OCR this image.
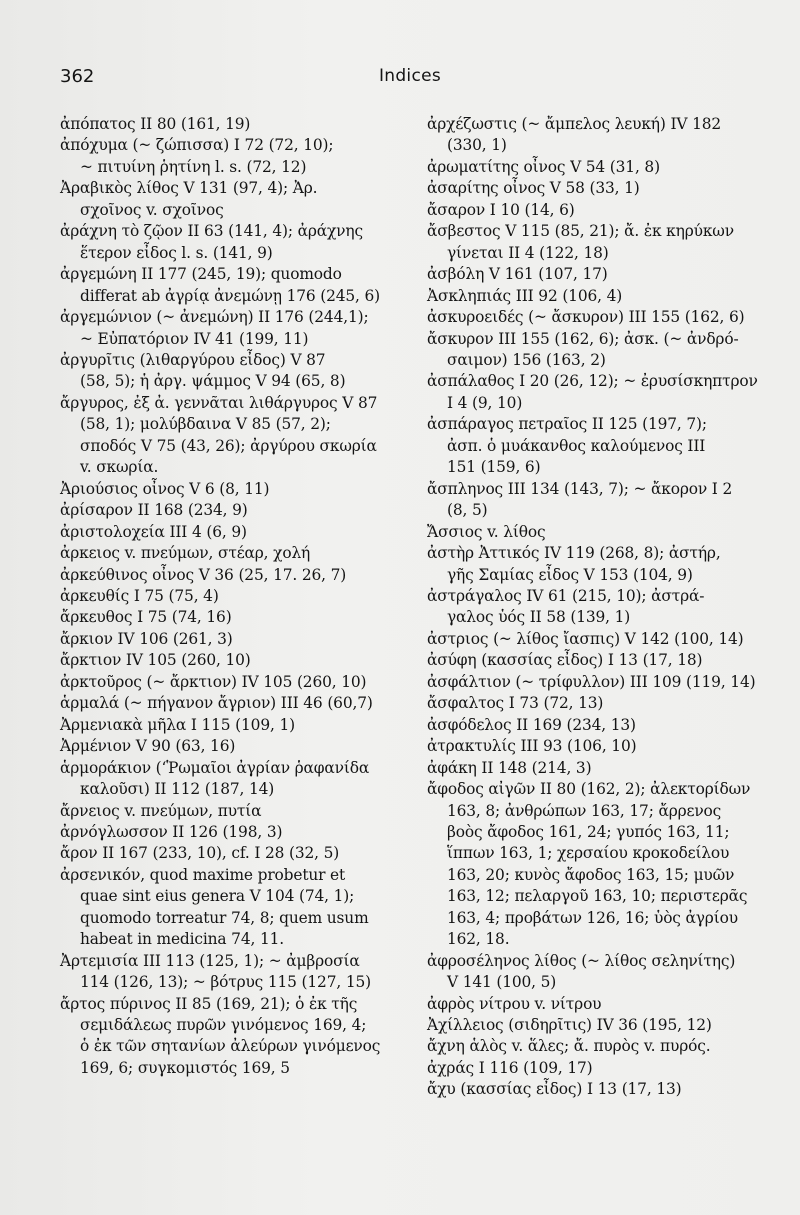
362	Indices
ἀπόπατος II 80 (161, 19)
ἀπόχυμα (~ ζώπισσα) I 72 (72, 10);
~ πιτυίνη ῥητίνη l. s. (72, 12)
Ἀραβικὸς λίθος V 131 (97, 4); Ἀρ.
σχοῖνος v. σχοῖνος
ἀράχνη τὸ ζῷον II 63 (141, 4); ἀράχνης
ἕτερον εἶδος l. s. (141, 9)
ἀργεμώνη II 177 (245, 19); quomodo
differat ab ἀγρίᾳ ἀνεμώνῃ 176 (245, 6)
ἀργεμώνιον (~ ἀνεμώνη) II 176 (244,1);
~ Εὐπατόριον IV 41 (199, 11)
ἀργυρῖτις (λιθαργύρου εἶδος) V 87
(58, 5); ἡ ἀργ. ψάμμος V 94 (65, 8)
ἄργυρος, ἐξ ἀ. γεννᾶται λιθάργυρος V 87
(58, 1); μολύβδαινα V 85 (57, 2);
σποδός V 75 (43, 26); ἀργύρου σκωρία
v. σκωρία.
Ἀριούσιος οἶνος V 6 (8, 11)
ἀρίσαρον II 168 (234, 9)
ἀριστολοχεία III 4 (6, 9)
ἀρκειος v. πνεύμων, στέαρ, χολή
ἀρκεύθινος οἶνος V 36 (25, 17. 26, 7)
ἀρκευθίς I 75 (75, 4)
ἄρκευθος I 75 (74, 16)
ἄρκιον IV 106 (261, 3)
ἄρκτιον IV 105 (260, 10)
ἀρκτοῦρος (~ ἄρκτιον) IV 105 (260, 10)
ἁρμαλά (~ πήγανον ἄγριον) III 46 (60,7)
Ἀρμενιακὰ μῆλα I 115 (109, 1)
Ἀρμένιον V 90 (63, 16)
ἁρμοράκιον (‘Ῥωμαῖοι ἀγρίαν ῥαφανίδα
καλοῦσι) II 112 (187, 14)
ἄρνειος v. πνεύμων, πυτία
ἀρνόγλωσσον II 126 (198, 3)
ἄρον II 167 (233, 10), cf. I 28 (32, 5)
ἀρσενικόν, quod maxime probetur et
quae sint eius genera V 104 (74, 1);
quomodo torreatur 74, 8; quem usum
habeat in medicina 74, 11.
Ἀρτεμισία III 113 (125, 1); ~ ἀμβροσία
114 (126, 13); ~ βότρυς 115 (127, 15)
ἄρτος πύρινος II 85 (169, 21); ὁ ἐκ τῆς
σεμιδάλεως πυρῶν γινόμενος 169, 4;
ὁ ἐκ τῶν σητανίων ἀλεύρων γινόμενος
169, 6; συγκομιστός 169, 5
ἀρχέζωστις (~ ἄμπελος λευκή) IV 182
(330, 1)
ἀρωματίτης οἶνος V 54 (31, 8)
ἀσαρίτης οἶνος V 58 (33, 1)
ἄσαρον I 10 (14, 6)
ἄσβεστος V 115 (85, 21); ἄ. ἐκ κηρύκων
γίνεται II 4 (122, 18)
ἀσβόλη V 161 (107, 17)
Ἀσκληπιάς III 92 (106, 4)
ἀσκυροειδές (~ ἄσκυρον) III 155 (162, 6)
ἄσκυρον III 155 (162, 6); ἀσκ. (~ ἀνδρό-
σαιμον) 156 (163, 2)
ἀσπάλαθος I 20 (26, 12); ~ ἐρυσίσκηπτρον
I 4 (9, 10)
ἀσπάραγος πετραῖος II 125 (197, 7);
ἀσπ. ὁ μυάκανθος καλούμενος III
151 (159, 6)
ἄσπληνος III 134 (143, 7); ~ ἄκορον I 2
(8, 5)
Ἄσσιος v. λίθος
ἀστὴρ Ἀττικός IV 119 (268, 8); ἀστήρ,
γῆς Σαμίας εἶδος V 153 (104, 9)
ἀστράγαλος IV 61 (215, 10); ἀστρά-
γαλος ὑός II 58 (139, 1)
ἀστριος (~ λίθος ἴασπις) V 142 (100, 14)
ἀσύφη (κασσίας εἶδος) I 13 (17, 18)
ἀσφάλτιον (~ τρίφυλλον) III 109 (119, 14)
ἄσφαλτος I 73 (72, 13)
ἀσφόδελος II 169 (234, 13)
ἀτρακτυλίς III 93 (106, 10)
ἀφάκη II 148 (214, 3)
ἄφοδος αἰγῶν II 80 (162, 2); ἀλεκτορίδων
163, 8; ἀνθρώπων 163, 17; ἄρρενος
βοὸς ἄφοδος 161, 24; γυπός 163, 11;
ἵππων 163, 1; χερσαίου κροκοδείλου
163, 20; κυνὸς ἄφοδος 163, 15; μυῶν
163, 12; πελαργοῦ 163, 10; περιστερᾶς
163, 4; προβάτων 126, 16; ὑὸς ἀγρίου
162, 18.
ἀφροσέληνος λίθος (~ λίθος σεληνίτης)
V 141 (100, 5)
ἀφρὸς νίτρου v. νίτρου
Ἀχίλλειος (σιδηρῖτις) IV 36 (195, 12)
ἄχνη ἁλὸς v. ἅλες; ἄ. πυρὸς v. πυρός.
ἀχράς I 116 (109, 17)
ἄχυ (κασσίας εἶδος) I 13 (17, 13)
